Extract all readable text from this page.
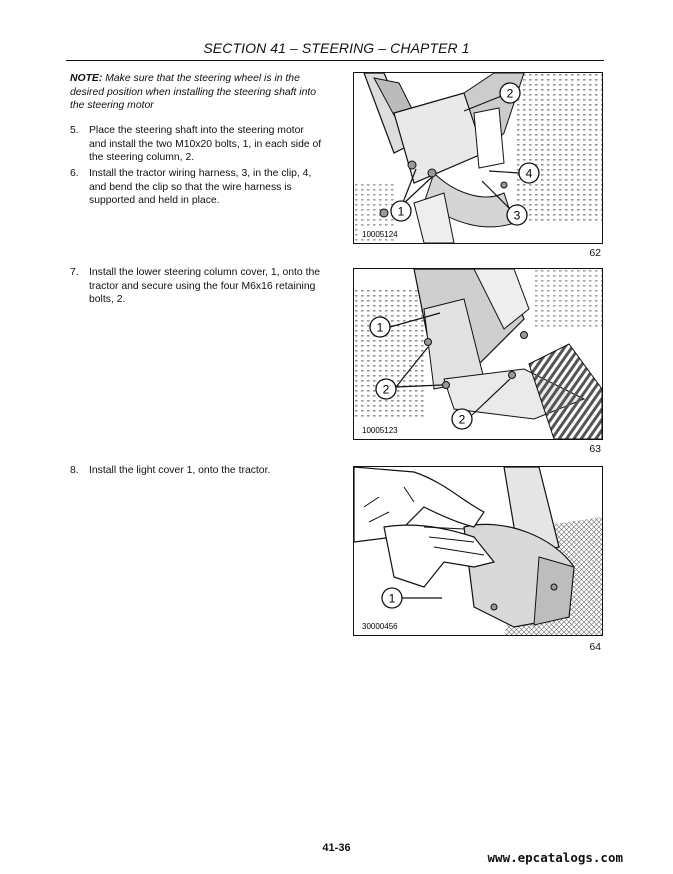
SECTION 41 – STEERING – CHAPTER 1
NOTE: Make sure that the steering wheel is in the desired position when installing the steering shaft into the steering motor
5. Place the steering shaft into the steering motor and install the two M10x20 bolts, 1, in each side of the steering column, 2.
6. Install the tractor wiring harness, 3, in the clip, 4, and bend the clip so that the wire harness is supported and held in place.
7. Install the lower steering column cover, 1, onto the tractor and secure using the four M6x16 retaining bolts, 2.
8. Install the light cover 1, onto the tractor.
2
4
1	3
10005124
62
1
2
2
10005123
63
1
30000456
64
41-36
www.epcatalogs.com
